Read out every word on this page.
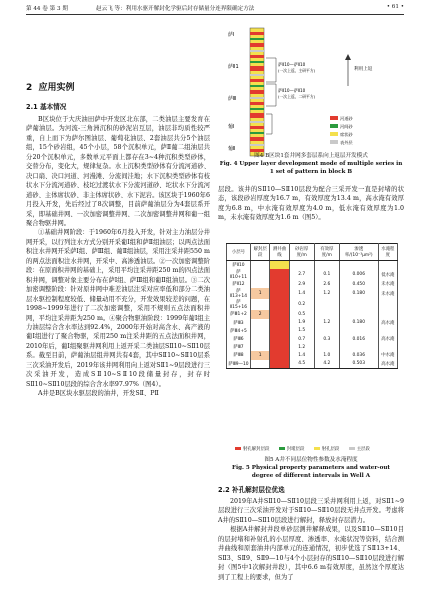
第 44 卷 第 3 期	赵云飞 等：利用水驱开解封化学驱后封存储量分连界限确定方法	• 61 •
2 应用实例
2.1 基本情况

B区块位于大庆油田萨中开发区北东部，二类油层主要发育在萨葡油层。为河流-三角洲沉积的砂泥岩互层，油层非均质性较严重，自上而下为萨尔图油层、葡萄花油层、2套油层共分5个油层组，15个砂岩组，45个小层，58个沉积单元，萨Ⅱ葡二组油层共分20个沉积单元，多数单元平面上都存在3~4种沉积类型砂体，交替分布，变化大，规律复杂。水上沉积类型砂体有分流河道砂、决口扇、决口河道、河漫滩、分流间洼地；水下沉积类型砂体有枝状水下分流河道砂、枝坨过渡状水下分流河道砂、坨状水下分流河道砂、主体席状砂、非主体席状砂、水下泥岩。该区块于1960年6月投入开发，先后经过了8次调整，目前萨葡油层分为4套层系开采，即基础井网、一次加密调整井网、二次加密调整井网和葡一组聚合物驱井网。

①基础井网阶段：于1960年6月投入开发，针对主力油层分井网开采，以行列注水方式分别开采葡Ⅰ组和萨Ⅱ组油层；以两点法面积注水井网开采萨Ⅰ组、萨Ⅲ组、葡Ⅱ组油层，采用注采井距550 m的两点法面积注水井网，开采中、高渗透油层。②一次加密调整阶段：在原面积井网的基础上，采用平均注采井距250 m的四点法面积井网，调整对象主要分布在萨Ⅰ组、萨Ⅲ组和葡Ⅱ组油层。③二次加密调整阶段：针对原井网中难差油层注采对应率低和部分二类油层水驱控制程度较低、储量动用不充分，开发效果较差的问题，在1998~1999年进行了二次加密调整，采用不规则五点法面积井网，平均注采井距为250 m。④聚合物驱油阶段：1999年葡Ⅰ组主力油层综合含水率达到92.4%，2000年开始对高含水、高产液的葡Ⅰ组进行了聚合物驱，采用250 m注采井距的五点法面积井网，2010年后，葡Ⅰ组聚驱井网利用上返开采二类油层SⅡ10~SⅡ10层系。截至目前，萨葡油层组井网共有4套，其中SⅡ10~SⅡ10层系三次采油开发后，2019年该井网利用向上返对SⅡ1~9层段进行三次采油开发，造成SⅡ10~SⅡ10段储量封存，封存时SⅡ10~SⅡ10层段的综合含水率97.97%（图4）。

A井是B区块水驱层段的油井，开发SⅡ、PⅡ

萨Ⅰ
萨Ⅱ1
萨Ⅲ
葡Ⅰ
葡Ⅱ
萨Ⅱ10—萨Ⅱ10
(一次上返，主研平方)
萨Ⅱ10—萨Ⅱ10
(一次上返，二研平方)
利用上返
河道砂
河间砂
席状砂
表外层
图4 B区块1套井网多套层系向上返层开发模式
Fig. 4 Upper layer development mode of multiple series in
1 set of pattern in block B

层段。该井的SⅡ10—SⅡ10层段为配合三采开发一直是封堵的状态，该段砂岩厚度为16.7 m，有效厚度为13.4 m，高水淹有效厚度为6.8 m，中水淹有效厚度为4.0 m，低水淹有效厚度为1.0 m，未水淹有效厚度为1.6 m（图5）。

小层号	解封层段	测井曲线	砂岩厚度/m	有效厚度/m	渗透率/(10⁻³μm²)	水淹程度
萨Ⅱ10						
萨Ⅱ10+11			2.7	0.1	0.006	低水淹
萨Ⅱ12			2.9	2.6	0.450	未水淹
萨Ⅱ13+14	1		1.4	1.2	0.180	未水淹
萨Ⅱ15+16			0.2			
萨Ⅲ1+2	2		0.5			
萨Ⅲ3			1.9	1.2	0.180	高水淹
萨Ⅲ4+5			1.5			
萨Ⅲ6			0.7	0.3	0.016	高水淹
萨Ⅲ7			1.2			
萨Ⅲ8	1		1.4	1.0	0.036	中水淹
萨Ⅲ9—10			4.5	4.2	0.503	高水淹
射孔解封层段	封堵层段	射孔层段	主层段
图5 A井不同层位物性参数及水淹程度
Fig. 5 Physical property parameters and water-out
degree of different intervals in Well A
2.2 补孔解封层位优选

2019年A井SⅡ10—SⅡ10层段三采井网利用上返，对SⅡ1~9层段进行三次采油开发对于SⅡ10—SⅡ10层段无井点开发。考虑将A井的SⅡ10—SⅡ10层段进行解封，释放封存层潜力。

根据A井解封井段单砂层测井解释成果，以及SⅡ10—SⅡ10目的层封堵和补射孔的小层厚度、渗透率、水淹状况等资料，结合测井曲线和原套油井内部单元的连通情况，初步优选了SⅡ13+14、SⅡ3、SⅡ9、SⅡ9—10与4个小层封存的SⅡ10—SⅡ10层段进行解封（图5中1次解封井段），其中6.6 m有效厚度，虽然这个厚度达到了工程上的要求，但为了
